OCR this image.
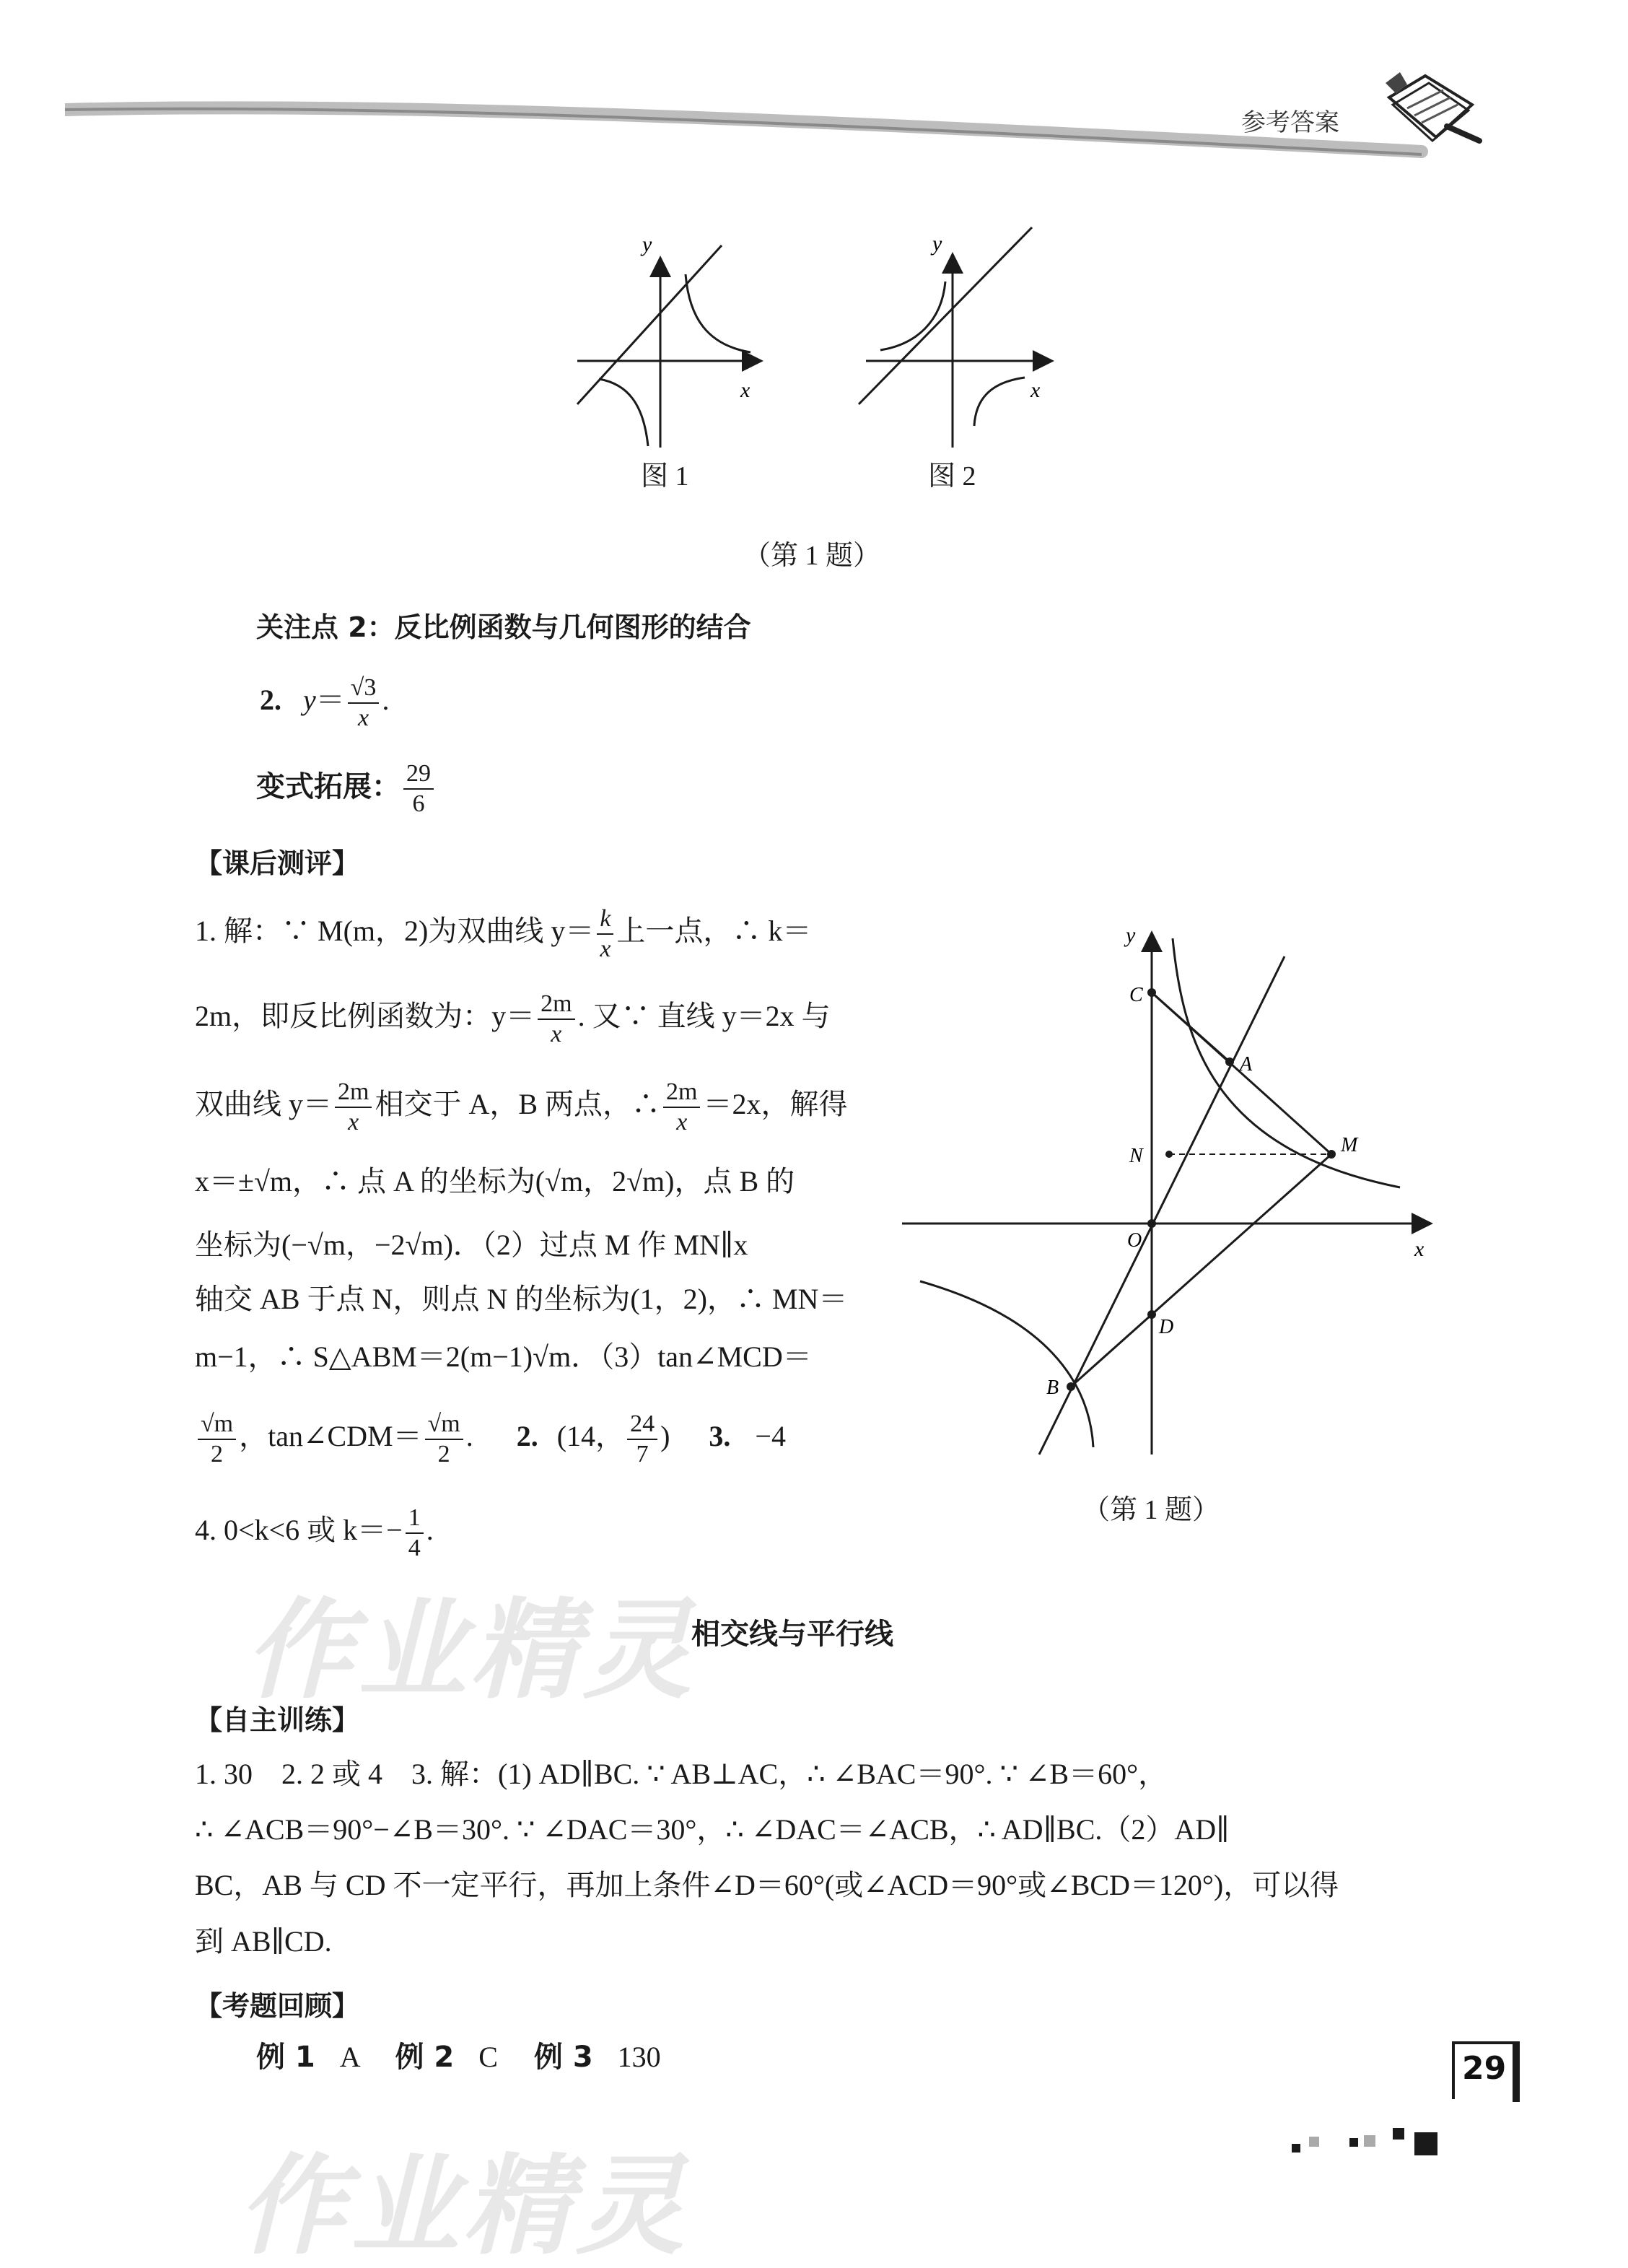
参考答案
y
x
图 1
y
x
图 2
（第 1 题）
关注点 2：反比例函数与几何图形的结合
2. $y= \frac{√3}{x}$ .
变式拓展： $\frac{29}{6}$
【课后测评】
1. 解：∵ M(m，2)为双曲线 $y= \frac{k}{x}$ 上一点，∴ k＝
2m，即反比例函数为：$y= \frac{2m}{x}$ . 又∵ 直线 y＝2x 与
双曲线 $y= \frac{2m}{x}$ 相交于 A，B 两点，∴ $\frac{2m}{x} =2x$，解得
x＝±√m，∴ 点 A 的坐标为(√m，2√m)，点 B 的
坐标为(−√m，−2√m)．（2）过点 M 作 MN∥x
轴交 AB 于点 N，则点 N 的坐标为(1，2)，∴ MN＝
m−1，∴ S△ABM＝2(m−1)√m．（3）tan∠MCD＝
$\frac{√m}{2}$ ，tan∠CDM＝ $\frac{√m}{2}$ . 2. (14， $\frac{24}{7}$ ) 3. −4
4. 0<k<6 或 $k=- \frac{1}{4}$ .
y
x
C
A
N	M
O
D
B
（第 1 题）
作业精灵
相交线与平行线
【自主训练】
1. 30　2. 2 或 4　3. 解：(1) AD∥BC. ∵ AB⊥AC，∴ ∠BAC＝90°. ∵ ∠B＝60°，
∴ ∠ACB＝90°−∠B＝30°. ∵ ∠DAC＝30°，∴ ∠DAC＝∠ACB，∴ AD∥BC.（2）AD∥
BC，AB 与 CD 不一定平行，再加上条件∠D＝60°(或∠ACD＝90°或∠BCD＝120°)，可以得
到 AB∥CD.
【考题回顾】
例 1 A 例 2 C 例 3 130
作业精灵
29
